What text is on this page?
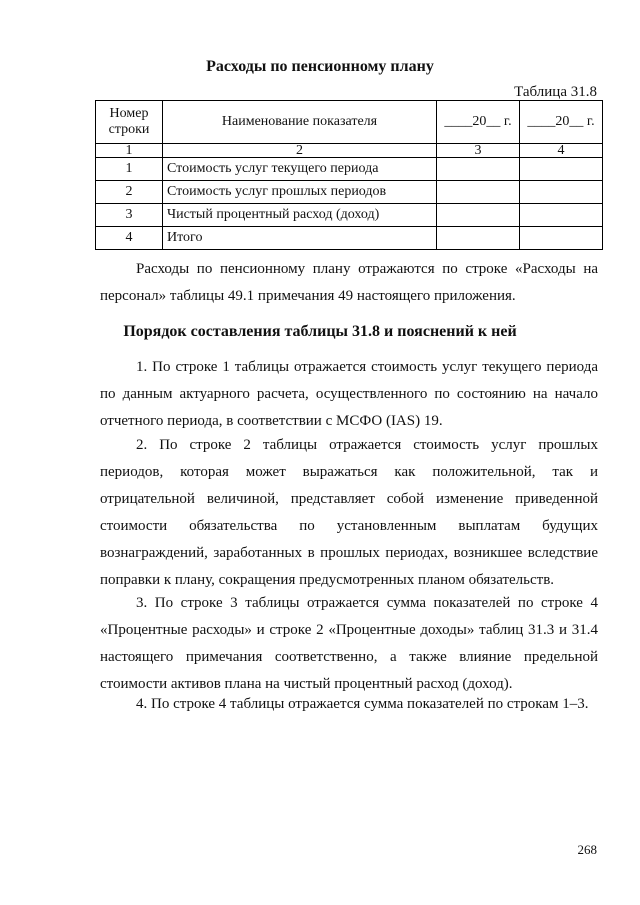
Расходы по пенсионному плану
Таблица 31.8
Номер строки	Наименование показателя	____20__ г.	____20__ г.
1	2	3	4
1	Стоимость услуг текущего периода		
2	Стоимость услуг прошлых периодов		
3	Чистый процентный расход (доход)		
4	Итого		

Расходы по пенсионному плану отражаются по строке «Расходы на персонал» таблицы 49.1 примечания 49 настоящего приложения.

Порядок составления таблицы 31.8 и пояснений к ней

1. По строке 1 таблицы отражается стоимость услуг текущего периода по данным актуарного расчета, осуществленного по состоянию на начало отчетного периода, в соответствии с МСФО (IAS) 19.

2. По строке 2 таблицы отражается стоимость услуг прошлых периодов, которая может выражаться как положительной, так и отрицательной величиной, представляет собой изменение приведенной стоимости обязательства по установленным выплатам будущих вознаграждений, заработанных в прошлых периодах, возникшее вследствие поправки к плану, сокращения предусмотренных планом обязательств.

3. По строке 3 таблицы отражается сумма показателей по строке 4 «Процентные расходы» и строке 2 «Процентные доходы» таблиц 31.3 и 31.4 настоящего примечания соответственно, а также влияние предельной стоимости активов плана на чистый процентный расход (доход).

4. По строке 4 таблицы отражается сумма показателей по строкам 1–3.

268
